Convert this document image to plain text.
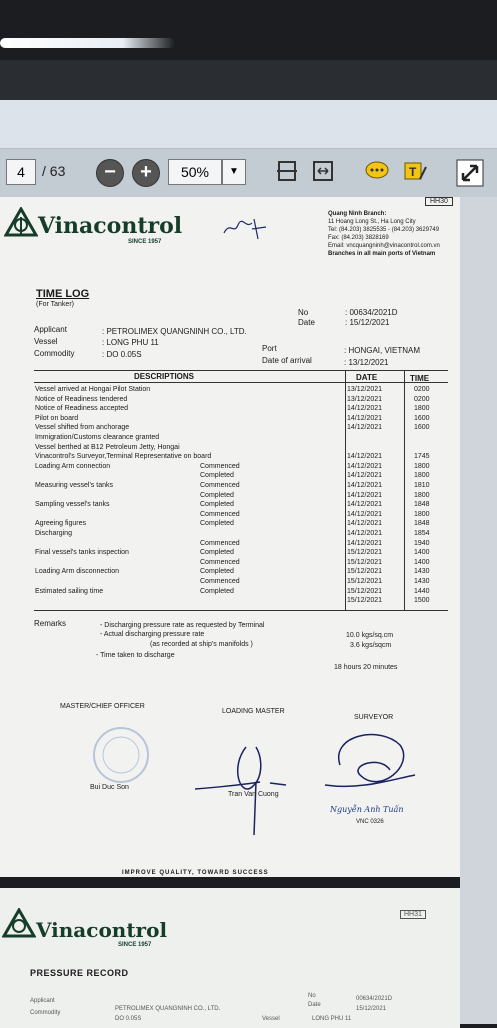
4	/ 63	−	+	50%	▼	T
HH30
Vinacontrol
SINCE 1957
Quang Ninh Branch:
11 Hoang Long St., Ha Long City
Tel: (84.203) 3825535 - (84.203) 3629749
Fax: (84.203) 3828169
Email: vncquangninh@vinacontrol.com.vn
Branches in all main ports of Vietnam
TIME LOG
(For Tanker)
No	: 00634/2021D
Date	: 15/12/2021
Applicant	: PETROLIMEX QUANGNINH CO., LTD.
Vessel	: LONG PHU 11
Commodity	: DO 0.05S
Port	: HONGAI, VIETNAM
Date of arrival	: 13/12/2021
DESCRIPTIONS	DATE	TIME
Vessel arrived at Hongai Pilot Station	13/12/2021	0200
Notice of Readiness tendered	13/12/2021	0200
Notice of Readiness accepted	14/12/2021	1800
Pilot on board	14/12/2021	1600
Vessel shifted from anchorage	14/12/2021	1600
Immigration/Customs clearance granted
Vessel berthed at B12 Petroleum Jetty, Hongai
Vinacontrol's Surveyor,Terminal Representative on board	14/12/2021	1745
Loading Arm connection	Commenced	14/12/2021	1800
Completed	14/12/2021	1800
Measuring vessel's tanks	Commenced	14/12/2021	1810
Completed	14/12/2021	1800
Sampling vessel's tanks	Completed	14/12/2021	1848
Commenced	14/12/2021	1800
Agreeing figures	Completed	14/12/2021	1848
Discharging	14/12/2021	1854
Commenced	14/12/2021	1940
Final vessel's tanks inspection	Completed	15/12/2021	1400
Commenced	15/12/2021	1400
Loading Arm disconnection	Completed	15/12/2021	1430
Commenced	15/12/2021	1430
Estimated sailing time	Completed	15/12/2021	1440
15/12/2021	1500
Remarks	- Discharging pressure rate as requested by Terminal
10.0 kgs/sq.cm
- Actual discharging pressure rate
3.6 kgs/sqcm
(as recorded at ship's manifolds )
- Time taken to discharge
18 hours 20 minutes
MASTER/CHIEF OFFICER
LOADING MASTER
SURVEYOR
Bui Duc Son
Tran Van Cuong
Nguyễn Anh Tuấn
VNC 0326
IMPROVE QUALITY, TOWARD SUCCESS
HH31
Vinacontrol
SINCE 1957
PRESSURE RECORD
Applicant
PETROLIMEX QUANGNINH CO., LTD.
Commodity
DO 0.05S	Vessel	LONG PHU 11
No	00634/2021D
Date
15/12/2021
